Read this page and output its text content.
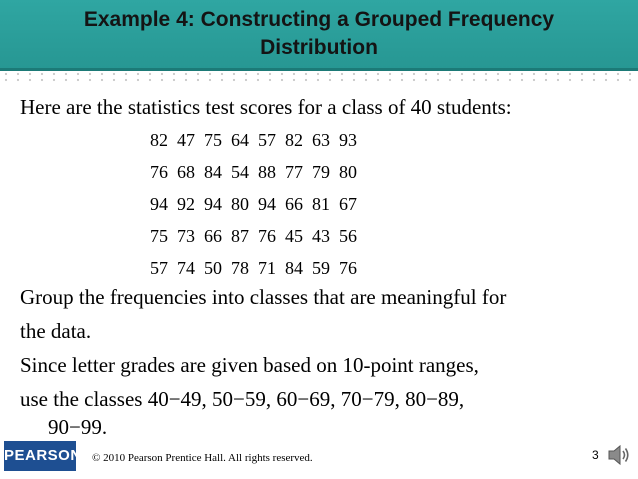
Example 4: Constructing a Grouped Frequency
Distribution

Here are the statistics test scores for a class of 40 students:

82  47  75  64  57  82  63  93
76  68  84  54  88  77  79  80
94  92  94  80  94  66  81  67
75  73  66  87  76  45  43  56
57  74  50  78  71  84  59  76

Group the frequencies into classes that are meaningful for

the data.

Since letter grades are given based on 10-point ranges,

use the classes 40−49, 50−59, 60−69, 70−79, 80−89,

90−99.

PEARSON © 2010 Pearson Prentice Hall. All rights reserved.	3
